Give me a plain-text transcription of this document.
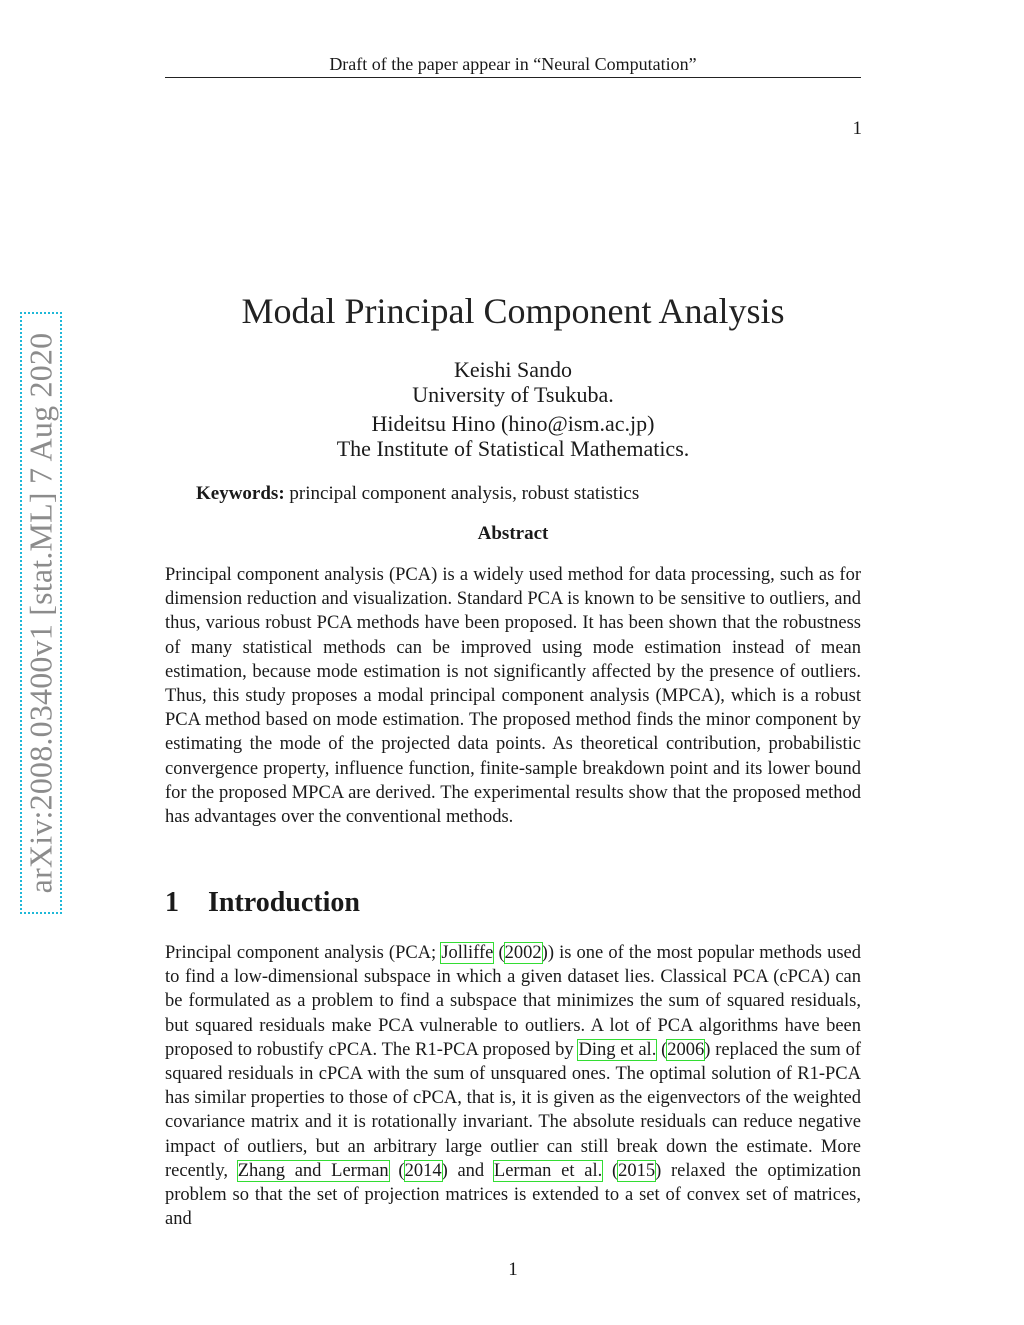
Draft of the paper appear in “Neural Computation”
1
arXiv:2008.03400v1 [stat.ML] 7 Aug 2020
Modal Principal Component Analysis
Keishi Sando
University of Tsukuba.
Hideitsu Hino (hino@ism.ac.jp)
The Institute of Statistical Mathematics.
Keywords: principal component analysis, robust statistics
Abstract
Principal component analysis (PCA) is a widely used method for data processing, such as for dimension reduction and visualization. Standard PCA is known to be sensitive to outliers, and thus, various robust PCA methods have been proposed. It has been shown that the robustness of many statistical methods can be improved using mode estimation instead of mean estimation, because mode estimation is not significantly affected by the presence of outliers. Thus, this study proposes a modal principal component analysis (MPCA), which is a robust PCA method based on mode estimation. The proposed method finds the minor component by estimating the mode of the projected data points. As theoretical contribution, probabilistic convergence property, influence function, finite-sample breakdown point and its lower bound for the proposed MPCA are derived. The experimental results show that the proposed method has advantages over the conventional methods.
1 Introduction
Principal component analysis (PCA; Jolliffe (2002)) is one of the most popular methods used to find a low-dimensional subspace in which a given dataset lies. Classical PCA (cPCA) can be formulated as a problem to find a subspace that minimizes the sum of squared residuals, but squared residuals make PCA vulnerable to outliers. A lot of PCA algorithms have been proposed to robustify cPCA. The R1-PCA proposed by Ding et al. (2006) replaced the sum of squared residuals in cPCA with the sum of unsquared ones. The optimal solution of R1-PCA has similar properties to those of cPCA, that is, it is given as the eigenvectors of the weighted covariance matrix and it is rotationally invariant. The absolute residuals can reduce negative impact of outliers, but an arbitrary large outlier can still break down the estimate. More recently, Zhang and Lerman (2014) and Lerman et al. (2015) relaxed the optimization problem so that the set of projection matrices is extended to a set of convex set of matrices, and
1
